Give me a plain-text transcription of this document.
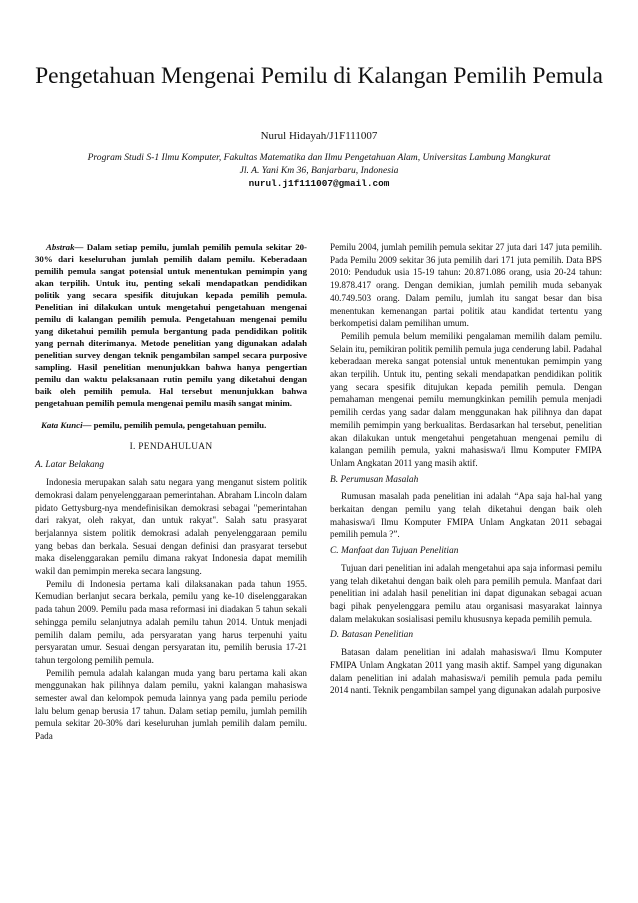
Pengetahuan Mengenai Pemilu di Kalangan Pemilih Pemula
Nurul Hidayah/J1F111007
Program Studi S-1 Ilmu Komputer, Fakultas Matematika dan Ilmu Pengetahuan Alam, Universitas Lambung Mangkurat
Jl. A. Yani Km 36, Banjarbaru, Indonesia
nurul.j1f111007@gmail.com

Abstrak— Dalam setiap pemilu, jumlah pemilih pemula sekitar 20-30% dari keseluruhan jumlah pemilih dalam pemilu. Keberadaan pemilih pemula sangat potensial untuk menentukan pemimpin yang akan terpilih. Untuk itu, penting sekali mendapatkan pendidikan politik yang secara spesifik ditujukan kepada pemilih pemula. Penelitian ini dilakukan untuk mengetahui pengetahuan mengenai pemilu di kalangan pemilih pemula. Pengetahuan mengenai pemilu yang diketahui pemilih pemula bergantung pada pendidikan politik yang pernah diterimanya. Metode penelitian yang digunakan adalah penelitian survey dengan teknik pengambilan sampel secara purposive sampling. Hasil penelitian menunjukkan bahwa hanya pengertian pemilu dan waktu pelaksanaan rutin pemilu yang diketahui dengan baik oleh pemilih pemula. Hal tersebut menunjukkan bahwa pengetahuan pemilih pemula mengenai pemilu masih sangat minim.

Kata Kunci— pemilu, pemilih pemula, pengetahuan pemilu.

I. PENDAHULUAN
A. Latar Belakang

Indonesia merupakan salah satu negara yang menganut sistem politik demokrasi dalam penyelenggaraan pemerintahan. Abraham Lincoln dalam pidato Gettysburg-nya mendefinisikan demokrasi sebagai "pemerintahan dari rakyat, oleh rakyat, dan untuk rakyat". Salah satu prasyarat berjalannya sistem politik demokrasi adalah penyelenggaraan pemilu yang bebas dan berkala. Sesuai dengan definisi dan prasyarat tersebut maka diselenggarakan pemilu dimana rakyat Indonesia dapat memilih wakil dan pemimpin mereka secara langsung.

Pemilu di Indonesia pertama kali dilaksanakan pada tahun 1955. Kemudian berlanjut secara berkala, pemilu yang ke-10 diselenggarakan pada tahun 2009. Pemilu pada masa reformasi ini diadakan 5 tahun sekali sehingga pemilu selanjutnya adalah pemilu tahun 2014. Untuk menjadi pemilih dalam pemilu, ada persyaratan yang harus terpenuhi yaitu persyaratan umur. Sesuai dengan persyaratan itu, pemilih berusia 17-21 tahun tergolong pemilih pemula.

Pemilih pemula adalah kalangan muda yang baru pertama kali akan menggunakan hak pilihnya dalam pemilu, yakni kalangan mahasiswa semester awal dan kelompok pemuda lainnya yang pada pemilu periode lalu belum genap berusia 17 tahun. Dalam setiap pemilu, jumlah pemilih pemula sekitar 20-30% dari keseluruhan jumlah pemilih dalam pemilu. Pada

Pemilu 2004, jumlah pemilih pemula sekitar 27 juta dari 147 juta pemilih. Pada Pemilu 2009 sekitar 36 juta pemilih dari 171 juta pemilih. Data BPS 2010: Penduduk usia 15-19 tahun: 20.871.086 orang, usia 20-24 tahun: 19.878.417 orang. Dengan demikian, jumlah pemilih muda sebanyak 40.749.503 orang. Dalam pemilu, jumlah itu sangat besar dan bisa menentukan kemenangan partai politik atau kandidat tertentu yang berkompetisi dalam pemilihan umum.

Pemilih pemula belum memiliki pengalaman memilih dalam pemilu. Selain itu, pemikiran politik pemilih pemula juga cenderung labil. Padahal keberadaan mereka sangat potensial untuk menentukan pemimpin yang akan terpilih. Untuk itu, penting sekali mendapatkan pendidikan politik yang secara spesifik ditujukan kepada pemilih pemula. Dengan pemahaman mengenai pemilu memungkinkan pemilih pemula menjadi pemilih cerdas yang sadar dalam menggunakan hak pilihnya dan dapat memilih pemimpin yang berkualitas. Berdasarkan hal tersebut, penelitian akan dilakukan untuk mengetahui pengetahuan mengenai pemilu di kalangan pemilih pemula, yakni mahasiswa/i Ilmu Komputer FMIPA Unlam Angkatan 2011 yang masih aktif.

B. Perumusan Masalah

Rumusan masalah pada penelitian ini adalah “Apa saja hal-hal yang berkaitan dengan pemilu yang telah diketahui dengan baik oleh mahasiswa/i Ilmu Komputer FMIPA Unlam Angkatan 2011 sebagai pemilih pemula ?”.

C. Manfaat dan Tujuan Penelitian

Tujuan dari penelitian ini adalah mengetahui apa saja informasi pemilu yang telah diketahui dengan baik oleh para pemilih pemula. Manfaat dari penelitian ini adalah hasil penelitian ini dapat digunakan sebagai acuan bagi pihak penyelenggara pemilu atau organisasi masyarakat lainnya dalam melakukan sosialisasi pemilu khususnya kepada pemilih pemula.

D. Batasan Penelitian

Batasan dalam penelitian ini adalah mahasiswa/i Ilmu Komputer FMIPA Unlam Angkatan 2011 yang masih aktif. Sampel yang digunakan dalam penelitian ini adalah mahasiswa/i pemilih pemula pada pemilu 2014 nanti. Teknik pengambilan sampel yang digunakan adalah purposive
